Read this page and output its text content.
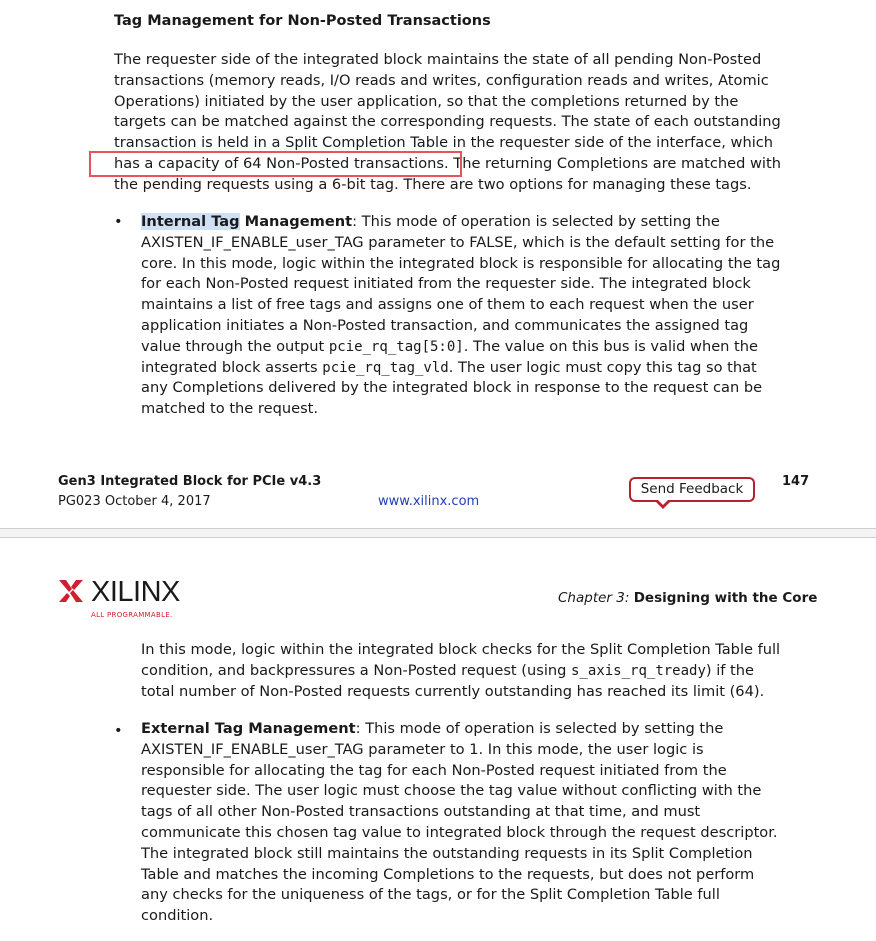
Tag Management for Non-Posted Transactions
The requester side of the integrated block maintains the state of all pending Non-Posted
transactions (memory reads, I/O reads and writes, configuration reads and writes, Atomic
Operations) initiated by the user application, so that the completions returned by the
targets can be matched against the corresponding requests. The state of each outstanding
transaction is held in a Split Completion Table in the requester side of the interface, which
has a capacity of 64 Non-Posted transactions. The returning Completions are matched with
the pending requests using a 6-bit tag. There are two options for managing these tags.
• Internal Tag Management: This mode of operation is selected by setting the
AXISTEN_IF_ENABLE_user_TAG parameter to FALSE, which is the default setting for the
core. In this mode, logic within the integrated block is responsible for allocating the tag
for each Non-Posted request initiated from the requester side. The integrated block
maintains a list of free tags and assigns one of them to each request when the user
application initiates a Non-Posted transaction, and communicates the assigned tag
value through the output pcie_rq_tag[5:0]. The value on this bus is valid when the
integrated block asserts pcie_rq_tag_vld. The user logic must copy this tag so that
any Completions delivered by the integrated block in response to the request can be
matched to the request.
Gen3 Integrated Block for PCIe v4.3
PG023 October 4, 2017	www.xilinx.com
Send Feedback	147
XILINX
ALL PROGRAMMABLE.
Chapter 3: Designing with the Core
In this mode, logic within the integrated block checks for the Split Completion Table full
condition, and backpressures a Non-Posted request (using s_axis_rq_tready) if the
total number of Non-Posted requests currently outstanding has reached its limit (64).
• External Tag Management: This mode of operation is selected by setting the
AXISTEN_IF_ENABLE_user_TAG parameter to 1. In this mode, the user logic is
responsible for allocating the tag for each Non-Posted request initiated from the
requester side. The user logic must choose the tag value without conflicting with the
tags of all other Non-Posted transactions outstanding at that time, and must
communicate this chosen tag value to integrated block through the request descriptor.
The integrated block still maintains the outstanding requests in its Split Completion
Table and matches the incoming Completions to the requests, but does not perform
any checks for the uniqueness of the tags, or for the Split Completion Table full
condition.
